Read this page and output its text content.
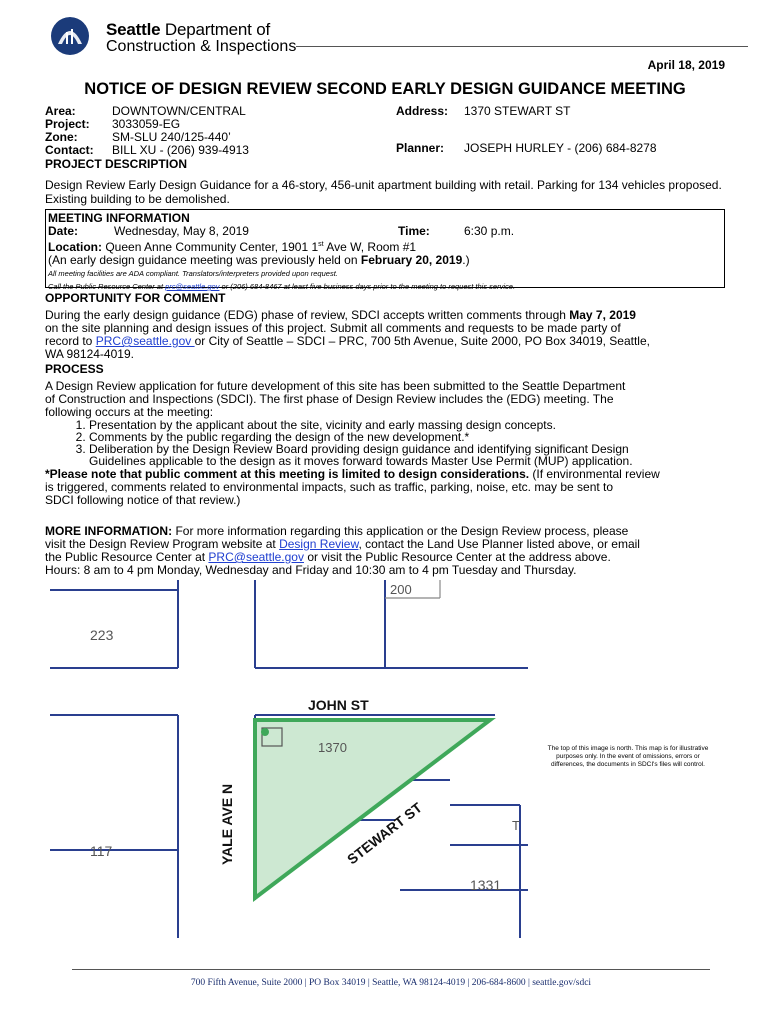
Seattle Department of
Construction & Inspections
April 18, 2019
NOTICE OF DESIGN REVIEW SECOND EARLY DESIGN GUIDANCE MEETING
Area:	DOWNTOWN/CENTRAL
Project: 3033059-EG
Zone:	SM-SLU 240/125-440’
Contact: BILL XU - (206) 939-4913
Address: 1370 STEWART ST
Planner: JOSEPH HURLEY - (206) 684-8278
PROJECT DESCRIPTION
Design Review Early Design Guidance for a 46-story, 456-unit apartment building with retail. Parking for 134 vehicles proposed. Existing building to be demolished.
MEETING INFORMATION
Date:	Wednesday, May 8, 2019	Time:	6:30 p.m.
Location: Queen Anne Community Center, 1901 1st Ave W, Room #1
(An early design guidance meeting was previously held on February 20, 2019.)
All meeting facilities are ADA compliant. Translators/interpreters provided upon request.
Call the Public Resource Center at prc@seattle.gov or (206) 684-8467 at least five business days prior to the meeting to request this service.
OPPORTUNITY FOR COMMENT
During the early design guidance (EDG) phase of review, SDCI accepts written comments through May 7, 2019
on the site planning and design issues of this project. Submit all comments and requests to be made party of
record to PRC@seattle.gov or City of Seattle – SDCI – PRC, 700 5th Avenue, Suite 2000, PO Box 34019, Seattle,
WA 98124-4019.
PROCESS
A Design Review application for future development of this site has been submitted to the Seattle Department
of Construction and Inspections (SDCI). The first phase of Design Review includes the (EDG) meeting. The
following occurs at the meeting:
1. Presentation by the applicant about the site, vicinity and early massing design concepts.
2. Comments by the public regarding the design of the new development.*
3. Deliberation by the Design Review Board providing design guidance and identifying significant Design
Guidelines applicable to the design as it moves forward towards Master Use Permit (MUP) application.
*Please note that public comment at this meeting is limited to design considerations. (If environmental review
is triggered, comments related to environmental impacts, such as traffic, parking, noise, etc. may be sent to
SDCI following notice of that review.)
MORE INFORMATION: For more information regarding this application or the Design Review process, please
visit the Design Review Program website at Design Review, contact the Land Use Planner listed above, or email
the Public Resource Center at PRC@seattle.gov or visit the Public Resource Center at the address above.
Hours: 8 am to 4 pm Monday, Wednesday and Friday and 10:30 am to 4 pm Tuesday and Thursday.
200
223
1370
117
1331
T
JOHN ST
YALE AVE N	STEWART ST
The top of this image is north. This map is for illustrative purposes only. In the event of omissions, errors or differences, the documents in SDCI's files will control.
700 Fifth Avenue, Suite 2000 | PO Box 34019 | Seattle, WA 98124-4019 | 206-684-8600 | seattle.gov/sdci
